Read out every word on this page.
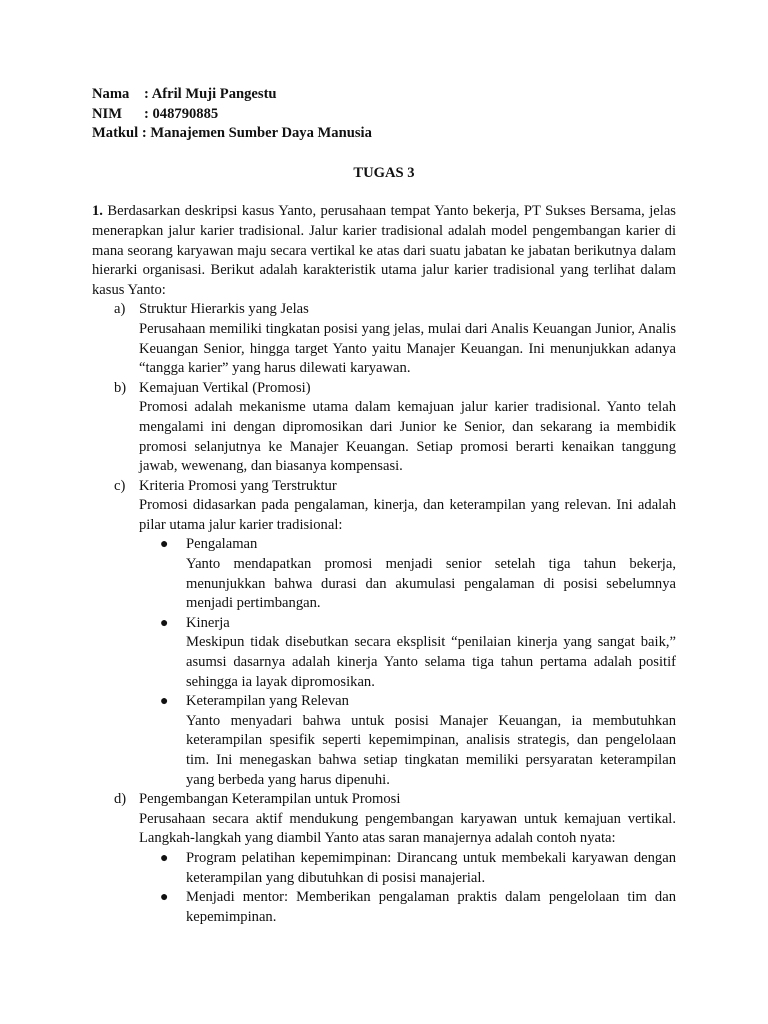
Nama : Afril Muji Pangestu
NIM : 048790885
Matkul : Manajemen Sumber Daya Manusia
TUGAS 3

1. Berdasarkan deskripsi kasus Yanto, perusahaan tempat Yanto bekerja, PT Sukses Bersama, jelas menerapkan jalur karier tradisional. Jalur karier tradisional adalah model pengembangan karier di mana seorang karyawan maju secara vertikal ke atas dari suatu jabatan ke jabatan berikutnya dalam hierarki organisasi. Berikut adalah karakteristik utama jalur karier tradisional yang terlihat dalam kasus Yanto:

a) Struktur Hierarkis yang Jelas
Perusahaan memiliki tingkatan posisi yang jelas, mulai dari Analis Keuangan Junior, Analis Keuangan Senior, hingga target Yanto yaitu Manajer Keuangan. Ini menunjukkan adanya “tangga karier” yang harus dilewati karyawan.
b) Kemajuan Vertikal (Promosi)
Promosi adalah mekanisme utama dalam kemajuan jalur karier tradisional. Yanto telah mengalami ini dengan dipromosikan dari Junior ke Senior, dan sekarang ia membidik promosi selanjutnya ke Manajer Keuangan. Setiap promosi berarti kenaikan tanggung jawab, wewenang, dan biasanya kompensasi.
c) Kriteria Promosi yang Terstruktur
Promosi didasarkan pada pengalaman, kinerja, dan keterampilan yang relevan. Ini adalah pilar utama jalur karier tradisional:
● Pengalaman
Yanto mendapatkan promosi menjadi senior setelah tiga tahun bekerja, menunjukkan bahwa durasi dan akumulasi pengalaman di posisi sebelumnya menjadi pertimbangan.
● Kinerja
Meskipun tidak disebutkan secara eksplisit “penilaian kinerja yang sangat baik,” asumsi dasarnya adalah kinerja Yanto selama tiga tahun pertama adalah positif sehingga ia layak dipromosikan.
● Keterampilan yang Relevan
Yanto menyadari bahwa untuk posisi Manajer Keuangan, ia membutuhkan keterampilan spesifik seperti kepemimpinan, analisis strategis, dan pengelolaan tim. Ini menegaskan bahwa setiap tingkatan memiliki persyaratan keterampilan yang berbeda yang harus dipenuhi.
d) Pengembangan Keterampilan untuk Promosi
Perusahaan secara aktif mendukung pengembangan karyawan untuk kemajuan vertikal. Langkah-langkah yang diambil Yanto atas saran manajernya adalah contoh nyata:
● Program pelatihan kepemimpinan: Dirancang untuk membekali karyawan dengan keterampilan yang dibutuhkan di posisi manajerial.
● Menjadi mentor: Memberikan pengalaman praktis dalam pengelolaan tim dan kepemimpinan.
